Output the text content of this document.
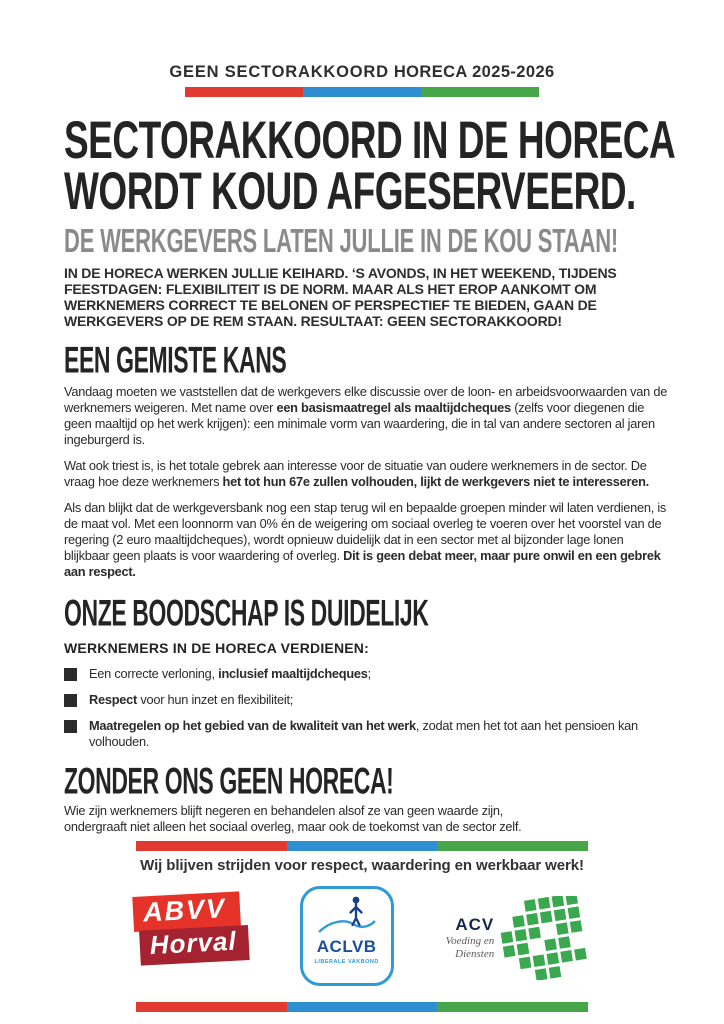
GEEN SECTORAKKOORD HORECA 2025-2026
SECTORAKKOORD IN DE HORECA
WORDT KOUD AFGESERVEERD.
DE WERKGEVERS LATEN JULLIE IN DE KOU STAAN!

IN DE HORECA WERKEN JULLIE KEIHARD. ‘S AVONDS, IN HET WEEKEND, TIJDENS FEESTDAGEN: FLEXIBILITEIT IS DE NORM. MAAR ALS HET EROP AANKOMT OM WERKNEMERS CORRECT TE BELONEN OF PERSPECTIEF TE BIEDEN, GAAN DE WERKGEVERS OP DE REM STAAN. RESULTAAT: GEEN SECTORAKKOORD!

EEN GEMISTE KANS

Vandaag moeten we vaststellen dat de werkgevers elke discussie over de loon- en arbeidsvoorwaarden van de werknemers weigeren. Met name over een basismaatregel als maaltijdcheques (zelfs voor diegenen die geen maaltijd op het werk krijgen): een minimale vorm van waardering, die in tal van andere sectoren al jaren ingeburgerd is.

Wat ook triest is, is het totale gebrek aan interesse voor de situatie van oudere werknemers in de sector. De vraag hoe deze werknemers het tot hun 67e zullen volhouden, lijkt de werkgevers niet te interesseren.

Als dan blijkt dat de werkgeversbank nog een stap terug wil en bepaalde groepen minder wil laten verdienen, is de maat vol. Met een loonnorm van 0% én de weigering om sociaal overleg te voeren over het voorstel van de regering (2 euro maaltijdcheques), wordt opnieuw duidelijk dat in een sector met al bijzonder lage lonen blijkbaar geen plaats is voor waardering of overleg. Dit is geen debat meer, maar pure onwil en een gebrek aan respect.

ONZE BOODSCHAP IS DUIDELIJK
WERKNEMERS IN DE HORECA VERDIENEN:
Een correcte verloning, inclusief maaltijdcheques;
Respect voor hun inzet en flexibiliteit;
Maatregelen op het gebied van de kwaliteit van het werk, zodat men het tot aan het pensioen kan volhouden.
ZONDER ONS GEEN HORECA!

Wie zijn werknemers blijft negeren en behandelen alsof ze van geen waarde zijn,
ondergraaft niet alleen het sociaal overleg, maar ook de toekomst van de sector zelf.

Wij blijven strijden voor respect, waardering en werkbaar werk!
ABVV
Horval	ACLVB
LIBERALE VAKBOND
ACV
Voeding en
Diensten
